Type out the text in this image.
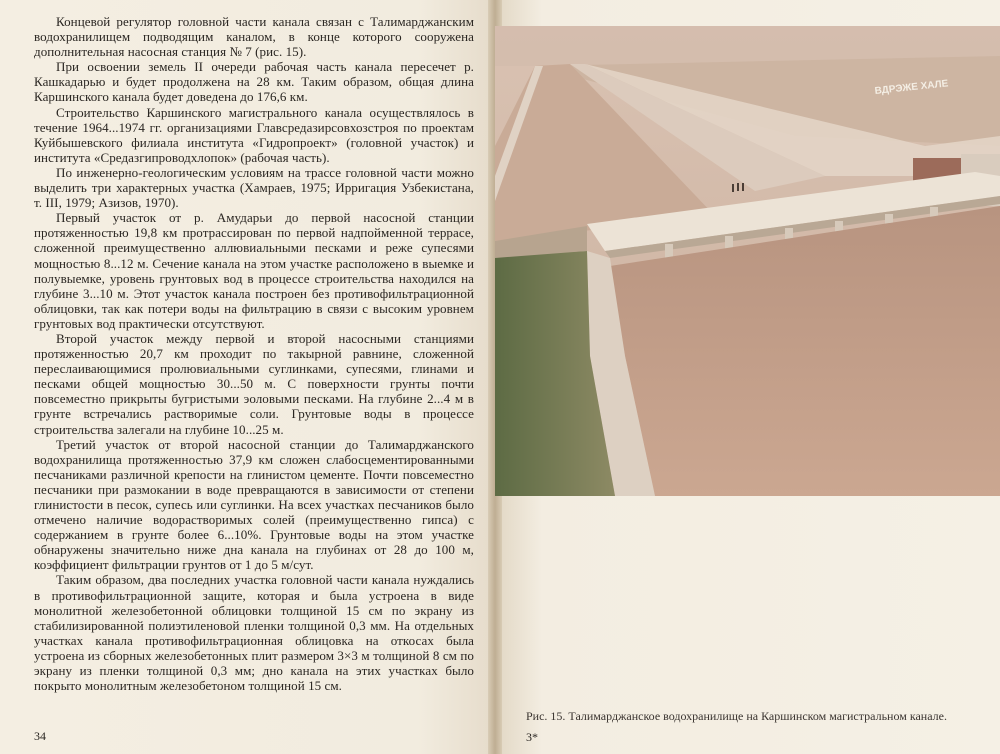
Концевой регулятор головной части канала связан с Талимарджанским водохранилищем подводящим каналом, в конце которого сооружена дополнительная насосная станция № 7 (рис. 15).

При освоении земель II очереди рабочая часть канала пересечет р. Кашкадарью и будет продолжена на 28 км. Таким образом, общая длина Каршинского канала будет доведена до 176,6 км.

Строительство Каршинского магистрального канала осуществлялось в течение 1964...1974 гг. организациями Главсредазирсовхозстроя по проектам Куйбышевского филиала института «Гидропроект» (головной участок) и института «Средазгипроводхлопок» (рабочая часть).

По инженерно-геологическим условиям на трассе головной части можно выделить три характерных участка (Хамраев, 1975; Ирригация Узбекистана, т. III, 1979; Азизов, 1970).

Первый участок от р. Амударьи до первой насосной станции протяженностью 19,8 км протрассирован по первой надпойменной террасе, сложенной преимущественно аллювиальными песками и реже супесями мощностью 8...12 м. Сечение канала на этом участке расположено в выемке и полувыемке, уровень грунтовых вод в процессе строительства находился на глубине 3...10 м. Этот участок канала построен без противофильтрационной облицовки, так как потери воды на фильтрацию в связи с высоким уровнем грунтовых вод практически отсутствуют.

Второй участок между первой и второй насосными станциями протяженностью 20,7 км проходит по такырной равнине, сложенной переслаивающимися пролювиальными суглинками, супесями, глинами и песками общей мощностью 30...50 м. С поверхности грунты почти повсеместно прикрыты бугристыми эоловыми песками. На глубине 2...4 м в грунте встречались растворимые соли. Грунтовые воды в процессе строительства залегали на глубине 10...25 м.

Третий участок от второй насосной станции до Талимарджанского водохранилища протяженностью 37,9 км сложен слабосцементированными песчаниками различной крепости на глинистом цементе. Почти повсеместно песчаники при размокании в воде превращаются в зависимости от степени глинистости в песок, супесь или суглинки. На всех участках песчаников было отмечено наличие водорастворимых солей (преимущественно гипса) с содержанием в грунте более 6...10%. Грунтовые воды на этом участке обнаружены значительно ниже дна канала на глубинах от 28 до 100 м, коэффициент фильтрации грунтов от 1 до 5 м/сут.

Таким образом, два последних участка головной части канала нуждались в противофильтрационной защите, которая и была устроена в виде монолитной железобетонной облицовки толщиной 15 см по экрану из стабилизированной полиэтиленовой пленки толщиной 0,3 мм. На отдельных участках канала противофильтрационная облицовка на откосах была устроена из сборных железобетонных плит размером 3×3 м толщиной 8 см по экрану из пленки толщиной 0,3 мм; дно канала на этих участках было покрыто монолитным железобетоном толщиной 15 см.

34
ВДРЭЖЕ ХАЛЕ
Рис. 15. Талимарджанское водохранилище на Каршинском магистральном канале.
3*
